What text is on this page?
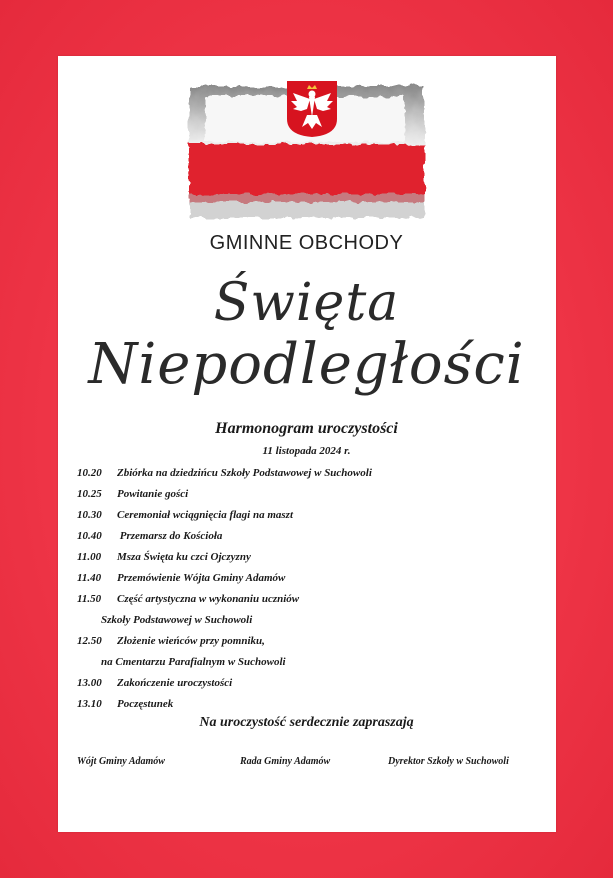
GMINNE OBCHODY
Święta
Niepodległości
Harmonogram uroczystości
11 listopada 2024 r.
10.20 Zbiórka na dziedzińcu Szkoły Podstawowej w Suchowoli
10.25 Powitanie gości
10.30 Ceremoniał wciągnięcia flagi na maszt
10.40 Przemarsz do Kościoła
11.00 Msza Święta ku czci Ojczyzny
11.40 Przemówienie Wójta Gminy Adamów
11.50 Część artystyczna w wykonaniu uczniów
Szkoły Podstawowej w Suchowoli
12.50 Złożenie wieńców przy pomniku,
na Cmentarzu Parafialnym w Suchowoli
13.00 Zakończenie uroczystości
13.10 Poczęstunek
Na uroczystość serdecznie zapraszają
Wójt Gminy Adamów	Rada Gminy Adamów	Dyrektor Szkoły w Suchowoli
